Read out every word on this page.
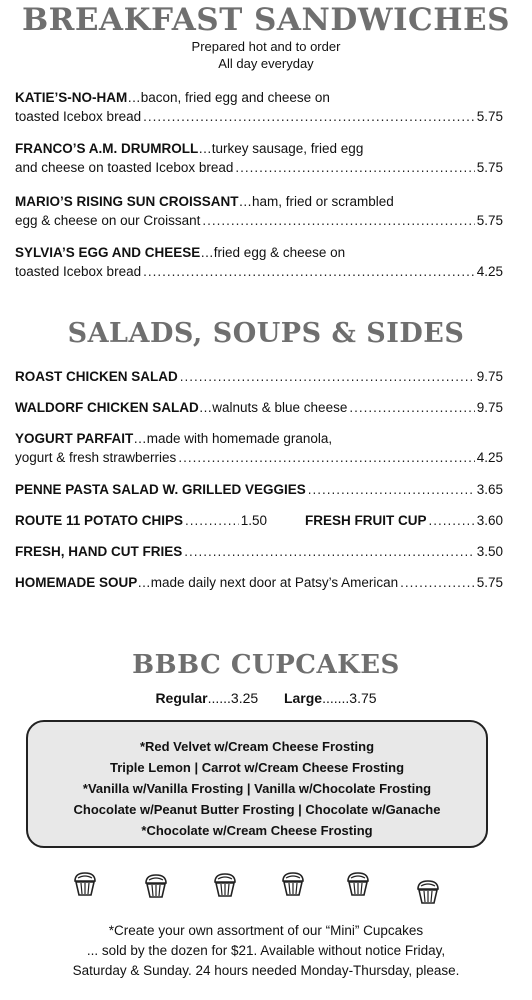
BREAKFAST SANDWICHES
Prepared hot and to order
All day everyday
KATIE’S-NO-HAM…bacon, fried egg and cheese on
toasted Icebox bread .....	5.75
FRANCO’S A.M. DRUMROLL…turkey sausage, fried egg
and cheese on toasted Icebox bread .....	5.75
MARIO’S RISING SUN CROISSANT…ham, fried or scrambled
egg & cheese on our Croissant .....	5.75
SYLVIA’S EGG AND CHEESE…fried egg & cheese on
toasted Icebox bread .....	4.25
SALADS, SOUPS & SIDES
ROAST CHICKEN SALAD .....	9.75
WALDORF CHICKEN SALAD …walnuts & blue cheese .....	9.75
YOGURT PARFAIT…made with homemade granola,
yogurt & fresh strawberries .....	4.25
PENNE PASTA SALAD W. GRILLED VEGGIES .....	3.65
ROUTE 11 POTATO CHIPS .....	1.50	FRESH FRUIT CUP .....	3.60
FRESH, HAND CUT FRIES .....	3.50
HOMEMADE SOUP …made daily next door at Patsy’s American .....	5.75
BBBC CUPCAKES
Regular......3.25 Large.......3.75
*Red Velvet w/Cream Cheese Frosting
Triple Lemon | Carrot w/Cream Cheese Frosting
*Vanilla w/Vanilla Frosting | Vanilla w/Chocolate Frosting
Chocolate w/Peanut Butter Frosting | Chocolate w/Ganache
*Chocolate w/Cream Cheese Frosting
*Create your own assortment of our “Mini” Cupcakes
... sold by the dozen for $21. Available without notice Friday,
Saturday & Sunday. 24 hours needed Monday-Thursday, please.
